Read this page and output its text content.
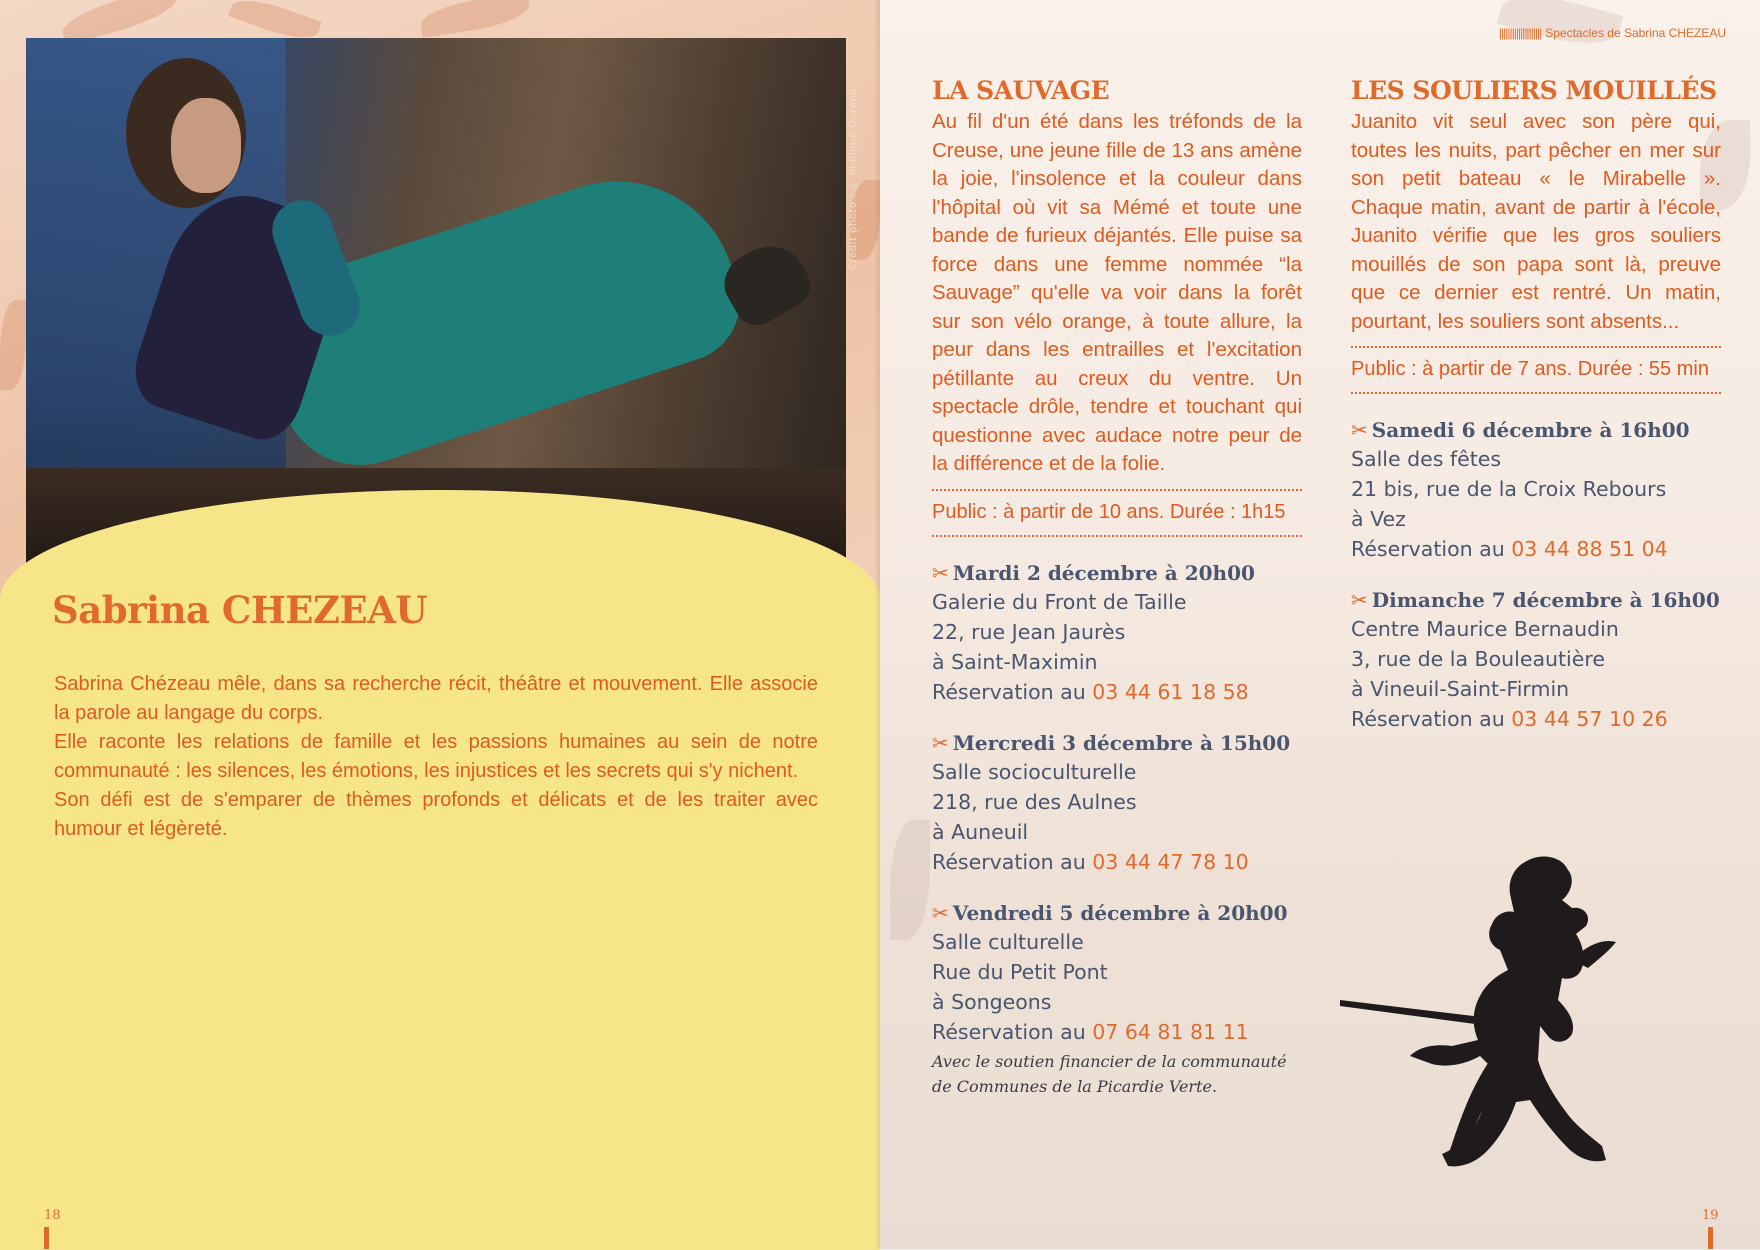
Crédit photo : © Philippe Durand
Sabrina CHEZEAU

Sabrina Chézeau mêle, dans sa recherche récit, théâtre et mouvement. Elle associe la parole au langage du corps.

Elle raconte les relations de famille et les passions humaines au sein de notre communauté : les silences, les émotions, les injustices et les secrets qui s'y nichent.

Son défi est de s'emparer de thèmes profonds et délicats et de les traiter avec humour et légèreté.

18
|||||||||||||||||||| Spectacles de Sabrina CHEZEAU
LA SAUVAGE

Au fil d'un été dans les tréfonds de la Creuse, une jeune fille de 13 ans amène la joie, l'insolence et la couleur dans l'hôpital où vit sa Mémé et toute une bande de furieux déjantés. Elle puise sa force dans une femme nommée “la Sauvage” qu'elle va voir dans la forêt sur son vélo orange, à toute allure, la peur dans les entrailles et l'excitation pétillante au creux du ventre. Un spectacle drôle, tendre et touchant qui questionne avec audace notre peur de la différence et de la folie.

Public : à partir de 10 ans. Durée : 1h15
✂ Mardi 2 décembre à 20h00
Galerie du Front de Taille
22, rue Jean Jaurès
à Saint-Maximin
Réservation au 03 44 61 18 58
✂ Mercredi 3 décembre à 15h00
Salle socioculturelle
218, rue des Aulnes
à Auneuil
Réservation au 03 44 47 78 10
✂ Vendredi 5 décembre à 20h00
Salle culturelle
Rue du Petit Pont
à Songeons
Réservation au 07 64 81 81 11
Avec le soutien financier de la communauté de Communes de la Picardie Verte.
LES SOULIERS MOUILLÉS

Juanito vit seul avec son père qui, toutes les nuits, part pêcher en mer sur son petit bateau « le Mirabelle ». Chaque matin, avant de partir à l'école, Juanito vérifie que les gros souliers mouillés de son papa sont là, preuve que ce dernier est rentré. Un matin, pourtant, les souliers sont absents...

Public : à partir de 7 ans. Durée : 55 min
✂ Samedi 6 décembre à 16h00
Salle des fêtes
21 bis, rue de la Croix Rebours
à Vez
Réservation au 03 44 88 51 04
✂ Dimanche 7 décembre à 16h00
Centre Maurice Bernaudin
3, rue de la Bouleautière
à Vineuil-Saint-Firmin
Réservation au 03 44 57 10 26
19
